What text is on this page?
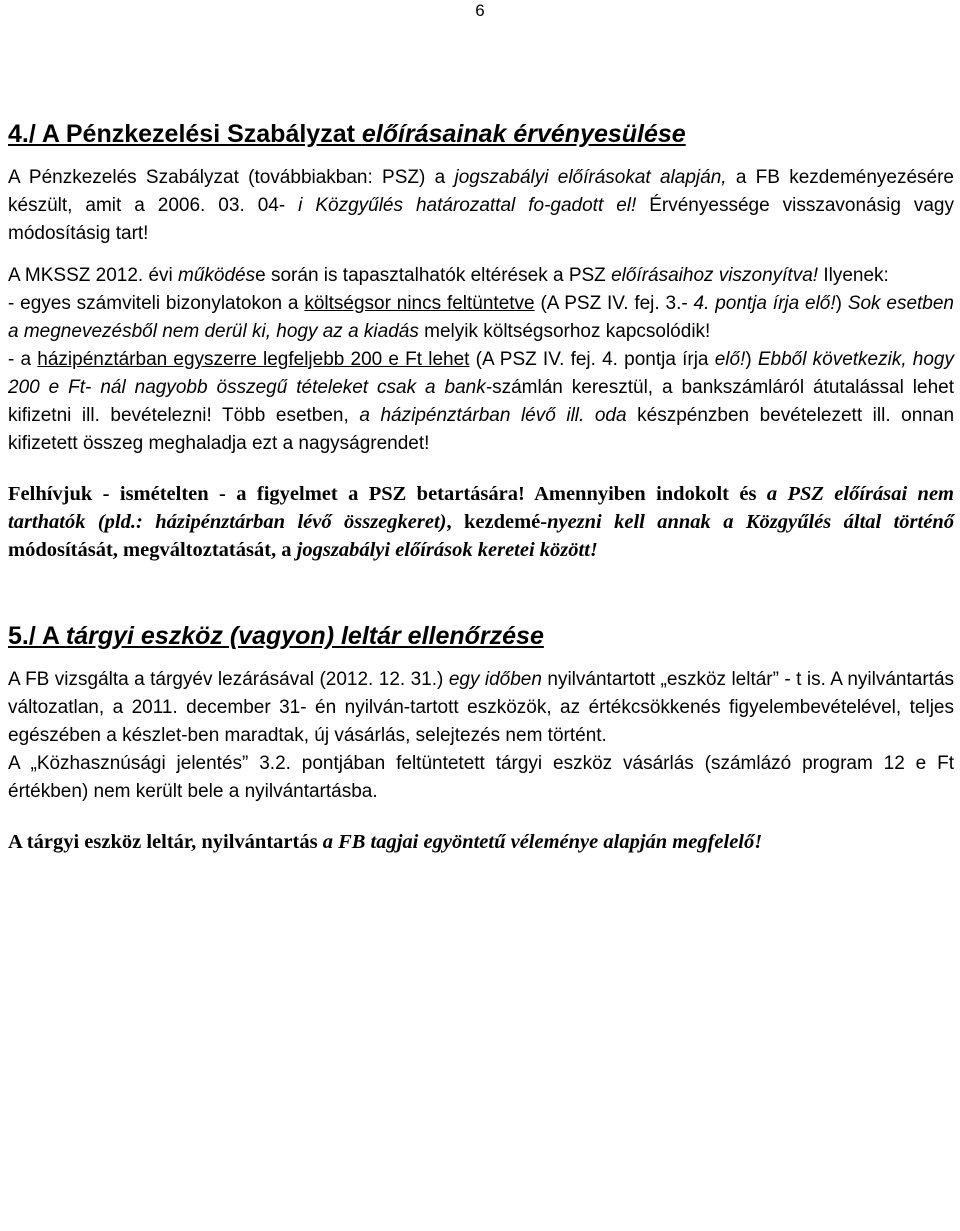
6
4./ A Pénzkezelési Szabályzat előírásainak érvényesülése

A Pénzkezelés Szabályzat (továbbiakban: PSZ) a jogszabályi előírásokat alapján, a FB kezdeményezésére készült, amit a 2006. 03. 04- i Közgyűlés határozattal fo-gadott el! Érvényessége visszavonásig vagy módosításig tart!

A MKSSZ 2012. évi működése során is tapasztalhatók eltérések a PSZ előírásaihoz viszonyítva! Ilyenek:

- egyes számviteli bizonylatokon a költségsor nincs feltüntetve (A PSZ IV. fej. 3.- 4. pontja írja elő!) Sok esetben a megnevezésből nem derül ki, hogy az a kiadás melyik költségsorhoz kapcsolódik!

- a házipénztárban egyszerre legfeljebb 200 e Ft lehet (A PSZ IV. fej. 4. pontja írja elő!) Ebből következik, hogy 200 e Ft- nál nagyobb összegű tételeket csak a bank-számlán keresztül, a bankszámláról átutalással lehet kifizetni ill. bevételezni! Több esetben, a házipénztárban lévő ill. oda készpénzben bevételezett ill. onnan kifizetett összeg meghaladja ezt a nagyságrendet!

Felhívjuk - ismételten - a figyelmet a PSZ betartására! Amennyiben indokolt és a PSZ előírásai nem tarthatók (pld.: házipénztárban lévő összegkeret), kezdemé-nyezni kell annak a Közgyűlés által történő módosítását, megváltoztatását, a jogszabályi előírások keretei között!

5./ A tárgyi eszköz (vagyon) leltár ellenőrzése

A FB vizsgálta a tárgyév lezárásával (2012. 12. 31.) egy időben nyilvántartott „eszköz leltár” - t is. A nyilvántartás változatlan, a 2011. december 31- én nyilván-tartott eszközök, az értékcsökkenés figyelembevételével, teljes egészében a készlet-ben maradtak, új vásárlás, selejtezés nem történt.

A „Közhasznúsági jelentés” 3.2. pontjában feltüntetett tárgyi eszköz vásárlás (számlázó program 12 e Ft értékben) nem került bele a nyilvántartásba.

A tárgyi eszköz leltár, nyilvántartás a FB tagjai egyöntetű véleménye alapján megfelelő!
